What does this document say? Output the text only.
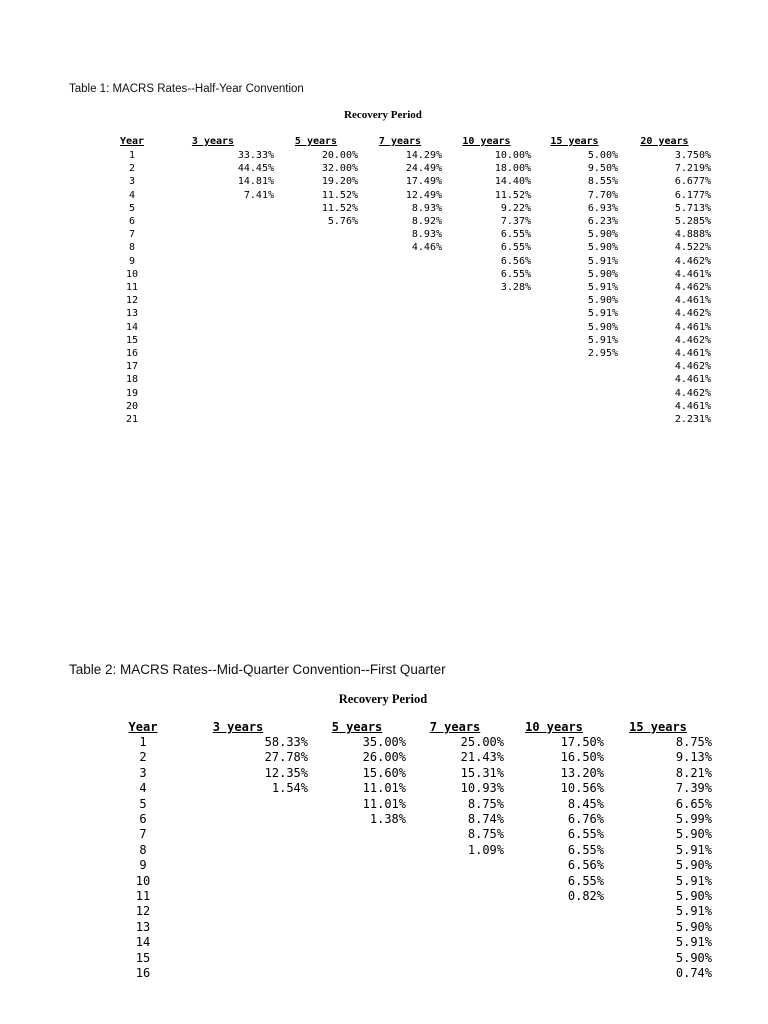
Table 1: MACRS Rates--Half-Year Convention
Recovery Period
Year	3 years	5 years	7 years	10 years	15 years	20 years
1	33.33%	20.00%	14.29%	10.00%	5.00%	3.750%
2	44.45%	32.00%	24.49%	18.00%	9.50%	7.219%
3	14.81%	19.20%	17.49%	14.40%	8.55%	6.677%
4	7.41%	11.52%	12.49%	11.52%	7.70%	6.177%
5		11.52%	8.93%	9.22%	6.93%	5.713%
6		5.76%	8.92%	7.37%	6.23%	5.285%
7			8.93%	6.55%	5.90%	4.888%
8			4.46%	6.55%	5.90%	4.522%
9				6.56%	5.91%	4.462%
10				6.55%	5.90%	4.461%
11				3.28%	5.91%	4.462%
12					5.90%	4.461%
13					5.91%	4.462%
14					5.90%	4.461%
15					5.91%	4.462%
16					2.95%	4.461%
17						4.462%
18						4.461%
19						4.462%
20						4.461%
21						2.231%
Table 2: MACRS Rates--Mid-Quarter Convention--First Quarter
Recovery Period
Year	3 years	5 years	7 years	10 years	15 years
1	58.33%	35.00%	25.00%	17.50%	8.75%
2	27.78%	26.00%	21.43%	16.50%	9.13%
3	12.35%	15.60%	15.31%	13.20%	8.21%
4	1.54%	11.01%	10.93%	10.56%	7.39%
5		11.01%	8.75%	8.45%	6.65%
6		1.38%	8.74%	6.76%	5.99%
7			8.75%	6.55%	5.90%
8			1.09%	6.55%	5.91%
9				6.56%	5.90%
10				6.55%	5.91%
11				0.82%	5.90%
12					5.91%
13					5.90%
14					5.91%
15					5.90%
16					0.74%
